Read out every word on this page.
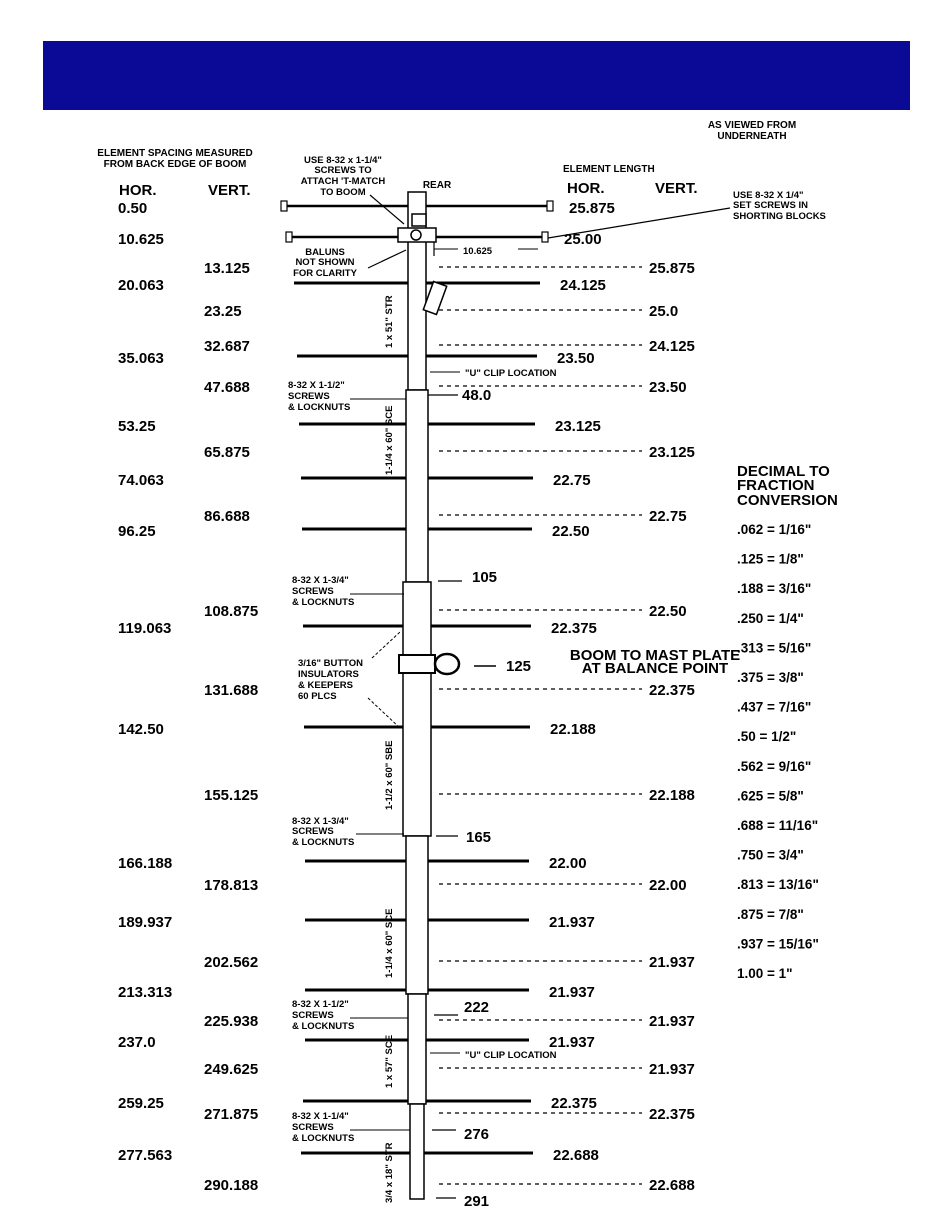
AS VIEWED FROM
UNDERNEATH
ELEMENT SPACING MEASURED
FROM BACK EDGE OF BOOM
HOR.	VERT.
ELEMENT LENGTH
HOR.	VERT.
REAR
0.50	25.875
10.625	25.00
20.063	24.125
35.063	23.50
53.25	23.125
74.063	22.75
96.25	22.50
119.063	22.375
142.50	22.188
166.188	22.00
189.937	21.937
213.313	21.937
237.0	21.937
259.25	22.375
277.563	22.688
13.125	25.875
23.25	25.0
32.687	24.125
47.688	23.50
65.875	23.125
86.688	22.75
108.875	22.50
131.688	22.375
155.125	22.188
178.813	22.00
202.562	21.937
225.938	21.937
249.625	21.937
271.875	22.375
290.188	22.688
1 x 51" STR
1-1/4 x 60" SCE
1-1/2 x 60" SBE
1-1/4 x 60" SCE
1 x 57" SCE
3/4 x 18" STR
48.0
105
125
165
222
276
291
USE 8-32 x 1-1/4"
SCREWS TO
ATTACH 'T-MATCH
TO BOOM	USE 8-32 X 1/4"
SET SCREWS IN
SHORTING BLOCKS
BALUNS
NOT SHOWN
FOR CLARITY
10.625
"U" CLIP LOCATION
"U" CLIP LOCATION
8-32 X 1-1/2"
SCREWS
& LOCKNUTS
8-32 X 1-3/4"
SCREWS
& LOCKNUTS
8-32 X 1-3/4"
SCREWS
& LOCKNUTS
8-32 X 1-1/2"
SCREWS
& LOCKNUTS
8-32 X 1-1/4"
SCREWS
& LOCKNUTS
3/16" BUTTON
INSULATORS
& KEEPERS
60 PLCS
BOOM TO MAST PLATE
AT BALANCE POINT
DECIMAL TO
FRACTION
CONVERSION
.062 = 1/16"
.125 = 1/8"
.188 = 3/16"
.250 = 1/4"
.313 = 5/16"
.375 = 3/8"
.437 = 7/16"
.50 = 1/2"
.562 = 9/16"
.625 = 5/8"
.688 = 11/16"
.750 = 3/4"
.813 = 13/16"
.875 = 7/8"
.937 = 15/16"
1.00 = 1"
